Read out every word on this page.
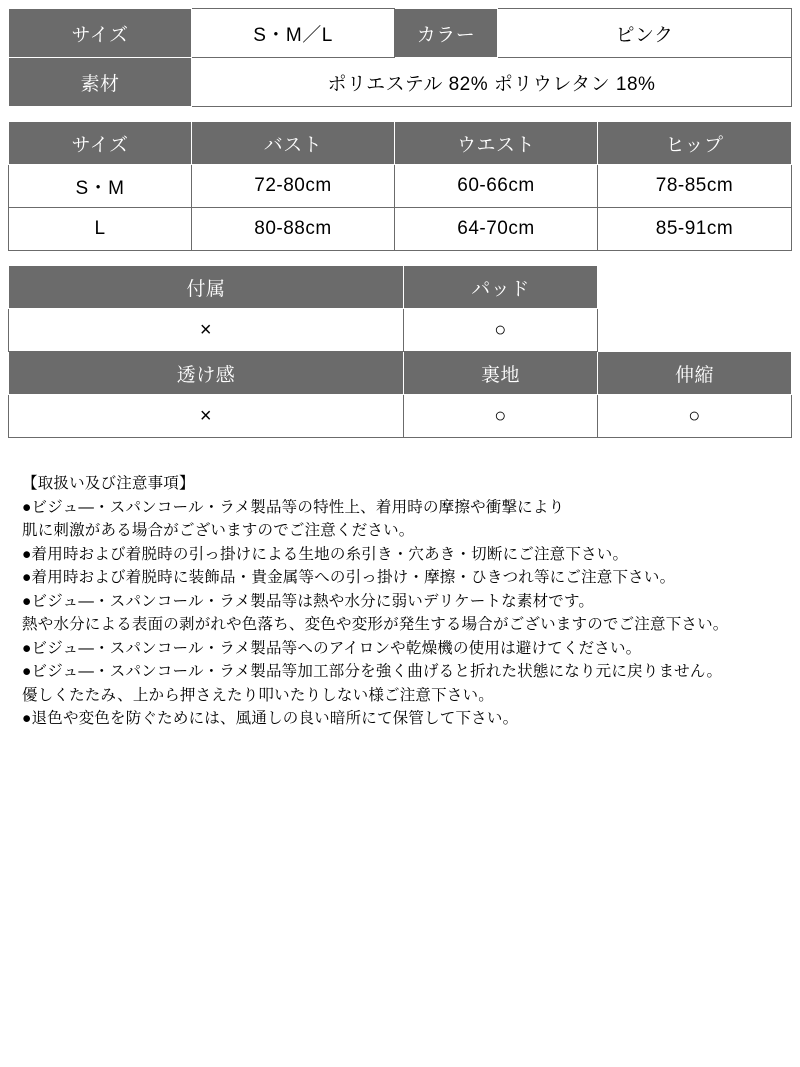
サイズ	S・M／L	カラー	ピンク
素材	ポリエステル 82% ポリウレタン 18%		
サイズ	バスト	ウエスト	ヒップ
S・M	72-80cm	60-66cm	78-85cm
L	80-88cm	64-70cm	85-91cm
付属	パッド	
×	○	
透け感	裏地	伸縮
×	○	○
【取扱い及び注意事項】
●ビジュ―・スパンコール・ラメ製品等の特性上、着用時の摩擦や衝撃により
肌に刺激がある場合がございますのでご注意ください。
●着用時および着脱時の引っ掛けによる生地の糸引き・穴あき・切断にご注意下さい。
●着用時および着脱時に装飾品・貴金属等への引っ掛け・摩擦・ひきつれ等にご注意下さい。
●ビジュ―・スパンコール・ラメ製品等は熱や水分に弱いデリケートな素材です。
熱や水分による表面の剥がれや色落ち、変色や変形が発生する場合がございますのでご注意下さい。
●ビジュ―・スパンコール・ラメ製品等へのアイロンや乾燥機の使用は避けてください。
●ビジュ―・スパンコール・ラメ製品等加工部分を強く曲げると折れた状態になり元に戻りません。
優しくたたみ、上から押さえたり叩いたりしない様ご注意下さい。
●退色や変色を防ぐためには、風通しの良い暗所にて保管して下さい。
